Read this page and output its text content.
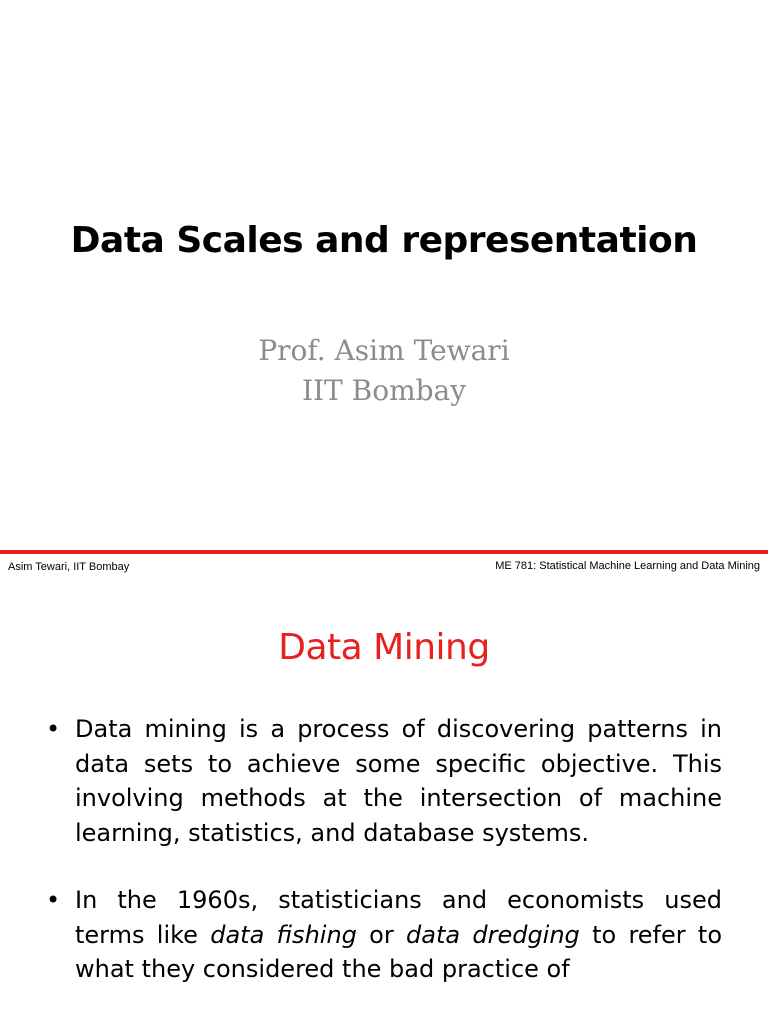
Data Scales and representation
Prof. Asim Tewari
IIT Bombay
Asim Tewari, IIT Bombay	ME 781: Statistical Machine Learning and Data Mining
Data Mining
• Data mining is a process of discovering patterns in data sets to achieve some specific objective. This involving methods at the intersection of machine learning, statistics, and database systems.
• In the 1960s, statisticians and economists used terms like data fishing or data dredging to refer to what they considered the bad practice of
